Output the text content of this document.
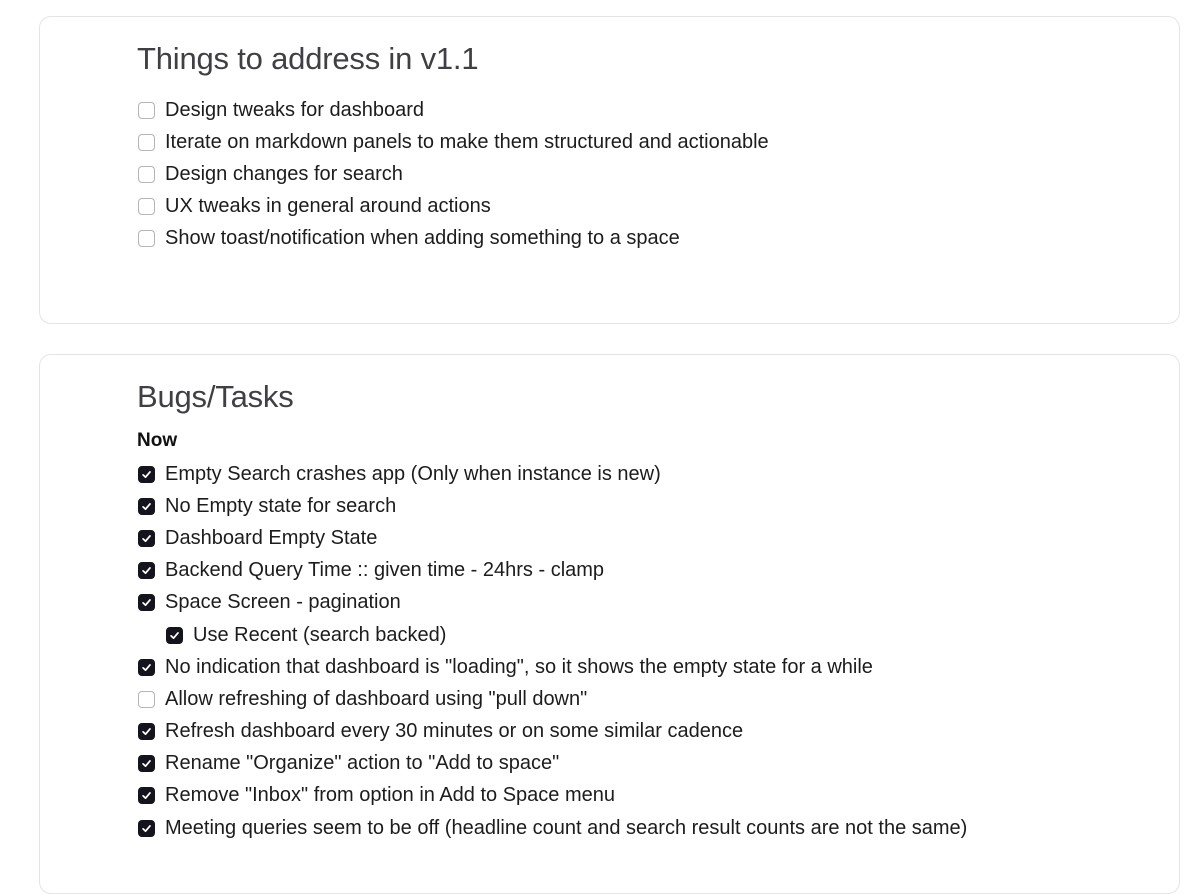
Things to address in v1.1
Design tweaks for dashboard
Iterate on markdown panels to make them structured and actionable
Design changes for search
UX tweaks in general around actions
Show toast/notification when adding something to a space
Bugs/Tasks
Now
Empty Search crashes app (Only when instance is new)
No Empty state for search
Dashboard Empty State
Backend Query Time :: given time - 24hrs - clamp
Space Screen - pagination
Use Recent (search backed)
No indication that dashboard is "loading", so it shows the empty state for a while
Allow refreshing of dashboard using "pull down"
Refresh dashboard every 30 minutes or on some similar cadence
Rename "Organize" action to "Add to space"
Remove "Inbox" from option in Add to Space menu
Meeting queries seem to be off (headline count and search result counts are not the same)
